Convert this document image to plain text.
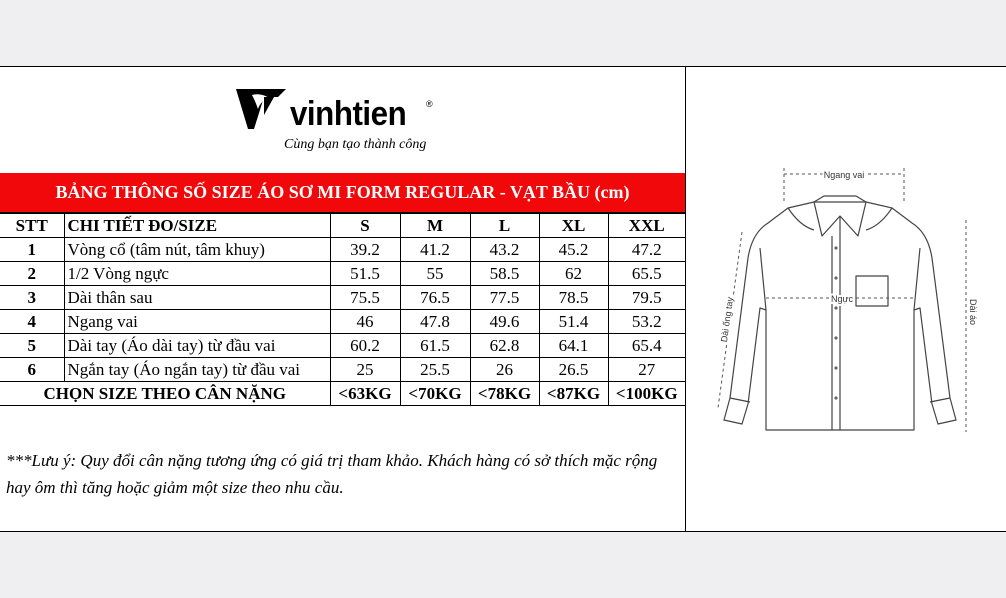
vinhtien ®
Cùng bạn tạo thành công
BẢNG THÔNG SỐ SIZE ÁO SƠ MI FORM REGULAR - VẠT BẦU (cm)
STT	CHI TIẾT ĐO/SIZE	S	M	L	XL	XXL
1	Vòng cổ (tâm nút, tâm khuy)	39.2	41.2	43.2	45.2	47.2
2	1/2 Vòng ngực	51.5	55	58.5	62	65.5
3	Dài thân sau	75.5	76.5	77.5	78.5	79.5
4	Ngang vai	46	47.8	49.6	51.4	53.2
5	Dài tay (Áo dài tay) từ đầu vai	60.2	61.5	62.8	64.1	65.4
6	Ngắn tay (Áo ngắn tay) từ đầu vai	25	25.5	26	26.5	27
CHỌN SIZE THEO CÂN NẶNG		<63KG	<70KG	<78KG	<87KG	<100KG
***Lưu ý: Quy đổi cân nặng tương ứng có giá trị tham khảo. Khách hàng có sở thích mặc rộng hay ôm thì tăng hoặc giảm một size theo nhu cầu.
Ngang vai
Ngực	Dài áo
Dài ống tay
